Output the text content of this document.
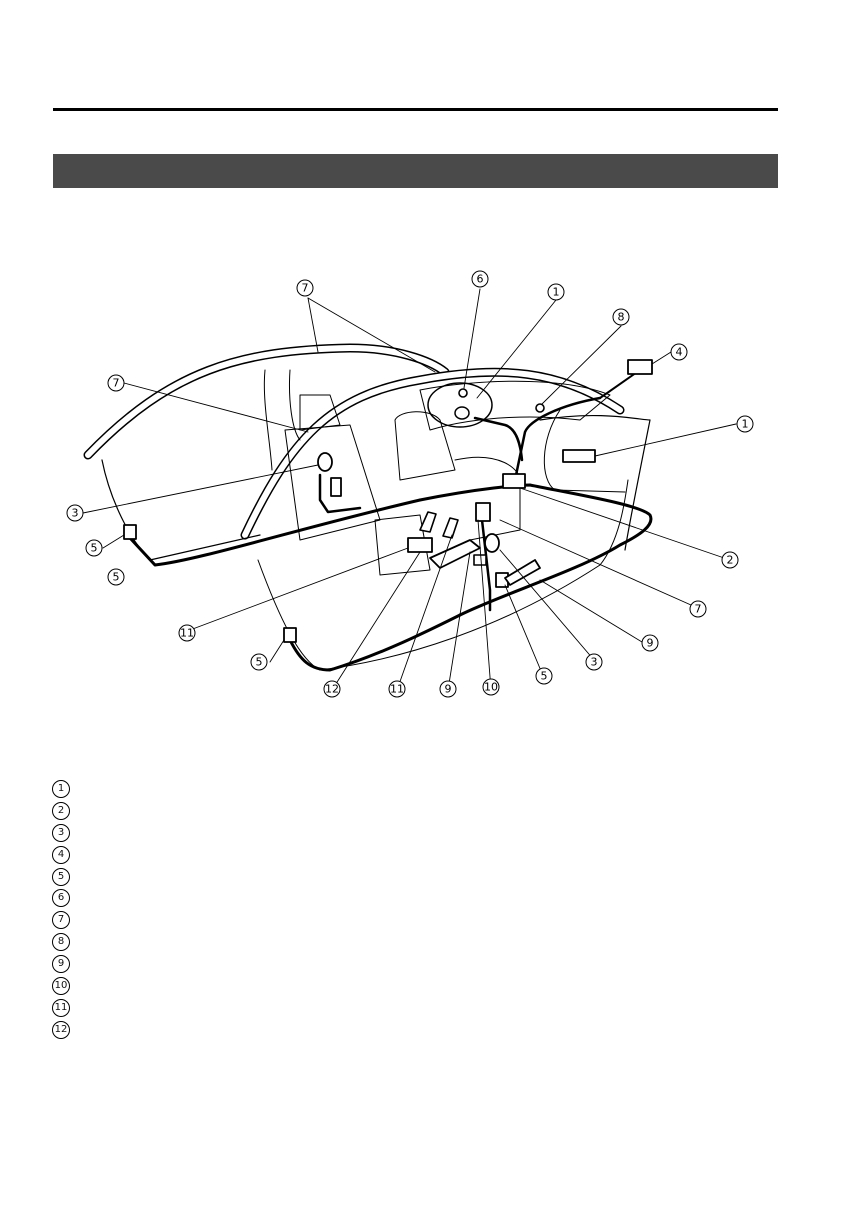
7
6
1
8
4
7
1
3
5
5
2
7
11
9
3
5
12	11	9	10
5
1
2
3
4
5
6
7
8
9
10
11
12
